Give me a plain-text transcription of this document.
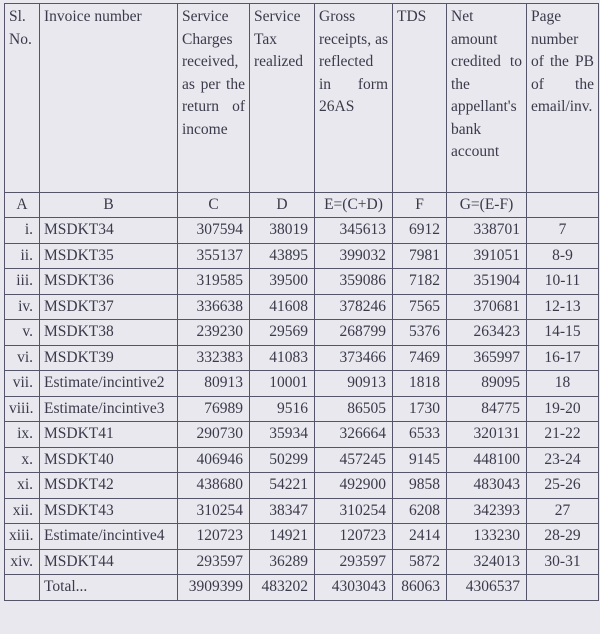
Sl. No.	Invoice number	Service Charges received, as per the return of income	Service Tax realized	Gross receipts, as reflected in form 26AS	TDS	Net amount credited to the appellant's bank account	Page number of the PB of the email/inv.
A	B	C	D	E=(C+D)	F	G=(E-F)	
i.	MSDKT34	307594	38019	345613	6912	338701	7
ii.	MSDKT35	355137	43895	399032	7981	391051	8-9
iii.	MSDKT36	319585	39500	359086	7182	351904	10-11
iv.	MSDKT37	336638	41608	378246	7565	370681	12-13
v.	MSDKT38	239230	29569	268799	5376	263423	14-15
vi.	MSDKT39	332383	41083	373466	7469	365997	16-17
vii.	Estimate/incintive2	80913	10001	90913	1818	89095	18
viii.	Estimate/incintive3	76989	9516	86505	1730	84775	19-20
ix.	MSDKT41	290730	35934	326664	6533	320131	21-22
x.	MSDKT40	406946	50299	457245	9145	448100	23-24
xi.	MSDKT42	438680	54221	492900	9858	483043	25-26
xii.	MSDKT43	310254	38347	310254	6208	342393	27
xiii.	Estimate/incintive4	120723	14921	120723	2414	133230	28-29
xiv.	MSDKT44	293597	36289	293597	5872	324013	30-31
	Total...	3909399	483202	4303043	86063	4306537	
